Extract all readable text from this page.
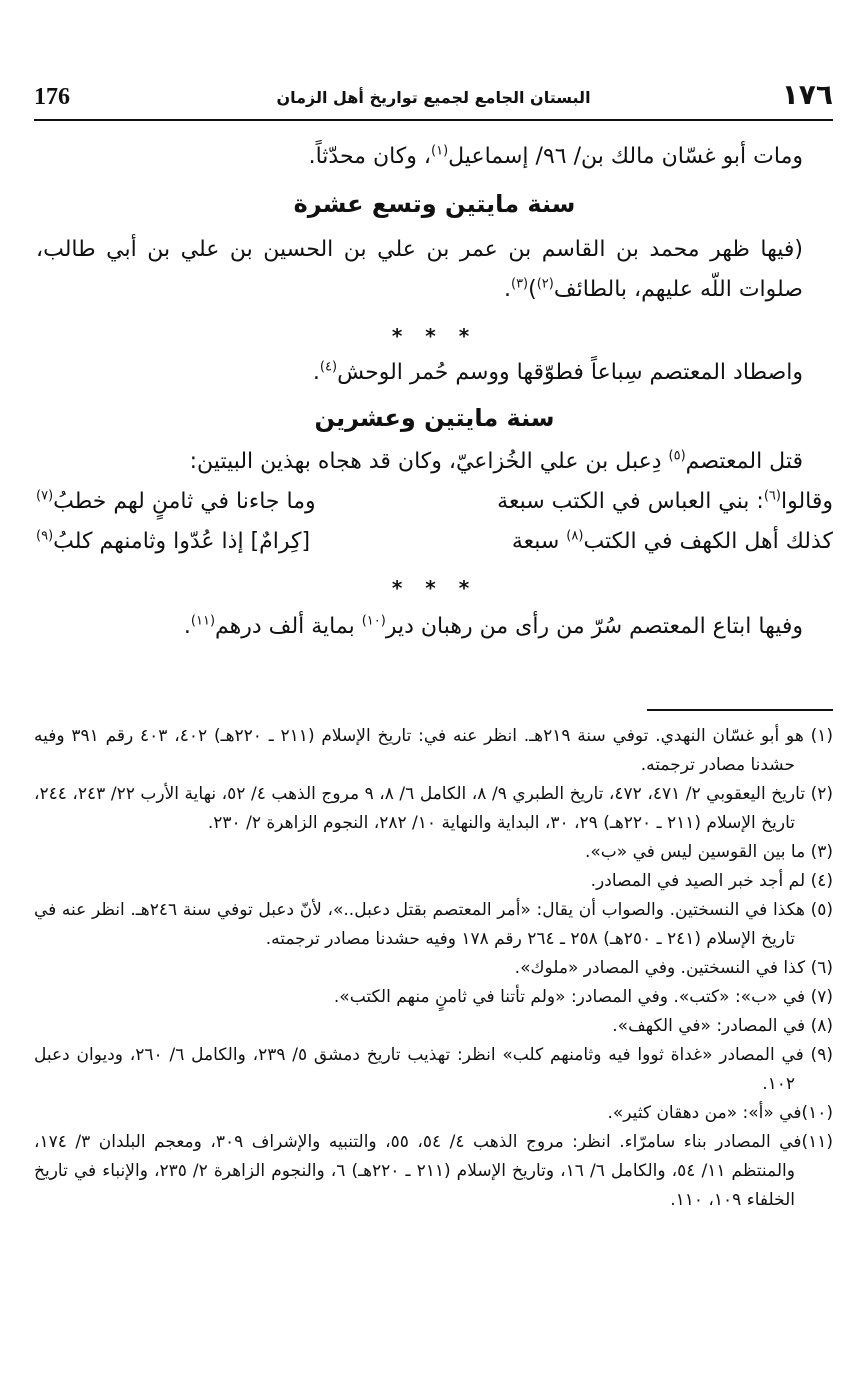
176	البستان الجامع لجميع تواريخ أهل الزمان	١٧٦

ومات أبو غسّان مالك بن/ ٩٦/ إسماعيل$^{(١)}$، وكان محدّثاً.

سنة مايتين وتسع عشرة

(فيها ظهر محمد بن القاسم بن عمر بن علي بن الحسين بن علي بن أبي طالب، صلوات اللّه عليهم، بالطائف$^{(٢)}$)$^{(٣)}$.

* * *

واصطاد المعتصم سِباعاً فطوّقها ووسم حُمر الوحش$^{(٤)}$.

سنة مايتين وعشرين

قتل المعتصم$^{(٥)}$ دِعبل بن علي الخُزاعيّ، وكان قد هجاه بهذين البيتين:

وقالوا$^{(٦)}$: بني العباس في الكتب سبعة
وما جاءنا في ثامنٍ لهم خطبُ$^{(٧)}$
كذلك أهل الكهف في الكتب$^{(٨)}$ سبعة
[كِرامٌ] إذا عُدّوا وثامنهم كلبُ$^{(٩)}$

* * *

وفيها ابتاع المعتصم سُرّ من رأى من رهبان دير$^{(١٠)}$ بماية ألف درهم$^{(١١)}$.

(١) هو أبو غسّان النهدي. توفي سنة ٢١٩هـ. انظر عنه في: تاريخ الإسلام (٢١١ ـ ٢٢٠هـ) ٤٠٢، ٤٠٣ رقم ٣٩١ وفيه حشدنا مصادر ترجمته.

(٢) تاريخ اليعقوبي ٢/ ٤٧١، ٤٧٢، تاريخ الطبري ٩/ ٨، الكامل ٦/ ٨، ٩ مروج الذهب ٤/ ٥٢، نهاية الأرب ٢٢/ ٢٤٣، ٢٤٤، تاريخ الإسلام (٢١١ ـ ٢٢٠هـ) ٢٩، ٣٠، البداية والنهاية ١٠/ ٢٨٢، النجوم الزاهرة ٢/ ٢٣٠.

(٣) ما بين القوسين ليس في «ب».

(٤) لم أجد خبر الصيد في المصادر.

(٥) هكذا في النسختين. والصواب أن يقال: «أمر المعتصم بقتل دعبل..»، لأنّ دعبل توفي سنة ٢٤٦هـ. انظر عنه في تاريخ الإسلام (٢٤١ ـ ٢٥٠هـ) ٢٥٨ ـ ٢٦٤ رقم ١٧٨ وفيه حشدنا مصادر ترجمته.

(٦) كذا في النسختين. وفي المصادر «ملوك».

(٧) في «ب»: «كتب». وفي المصادر: «ولم تأتنا في ثامنٍ منهم الكتب».

(٨) في المصادر: «في الكهف».

(٩) في المصادر «غداة ثووا فيه وثامنهم كلب» انظر: تهذيب تاريخ دمشق ٥/ ٢٣٩، والكامل ٦/ ٢٦٠، وديوان دعبل ١٠٢.

(١٠)في «أ»: «من دهقان كثير».

(١١)في المصادر بناء سامرّاء. انظر: مروج الذهب ٤/ ٥٤، ٥٥، والتنبيه والإشراف ٣٠٩، ومعجم البلدان ٣/ ١٧٤، والمنتظم ١١/ ٥٤، والكامل ٦/ ١٦، وتاريخ الإسلام (٢١١ ـ ٢٢٠هـ) ٦، والنجوم الزاهرة ٢/ ٢٣٥، والإنباء في تاريخ الخلفاء ١٠٩، ١١٠.
